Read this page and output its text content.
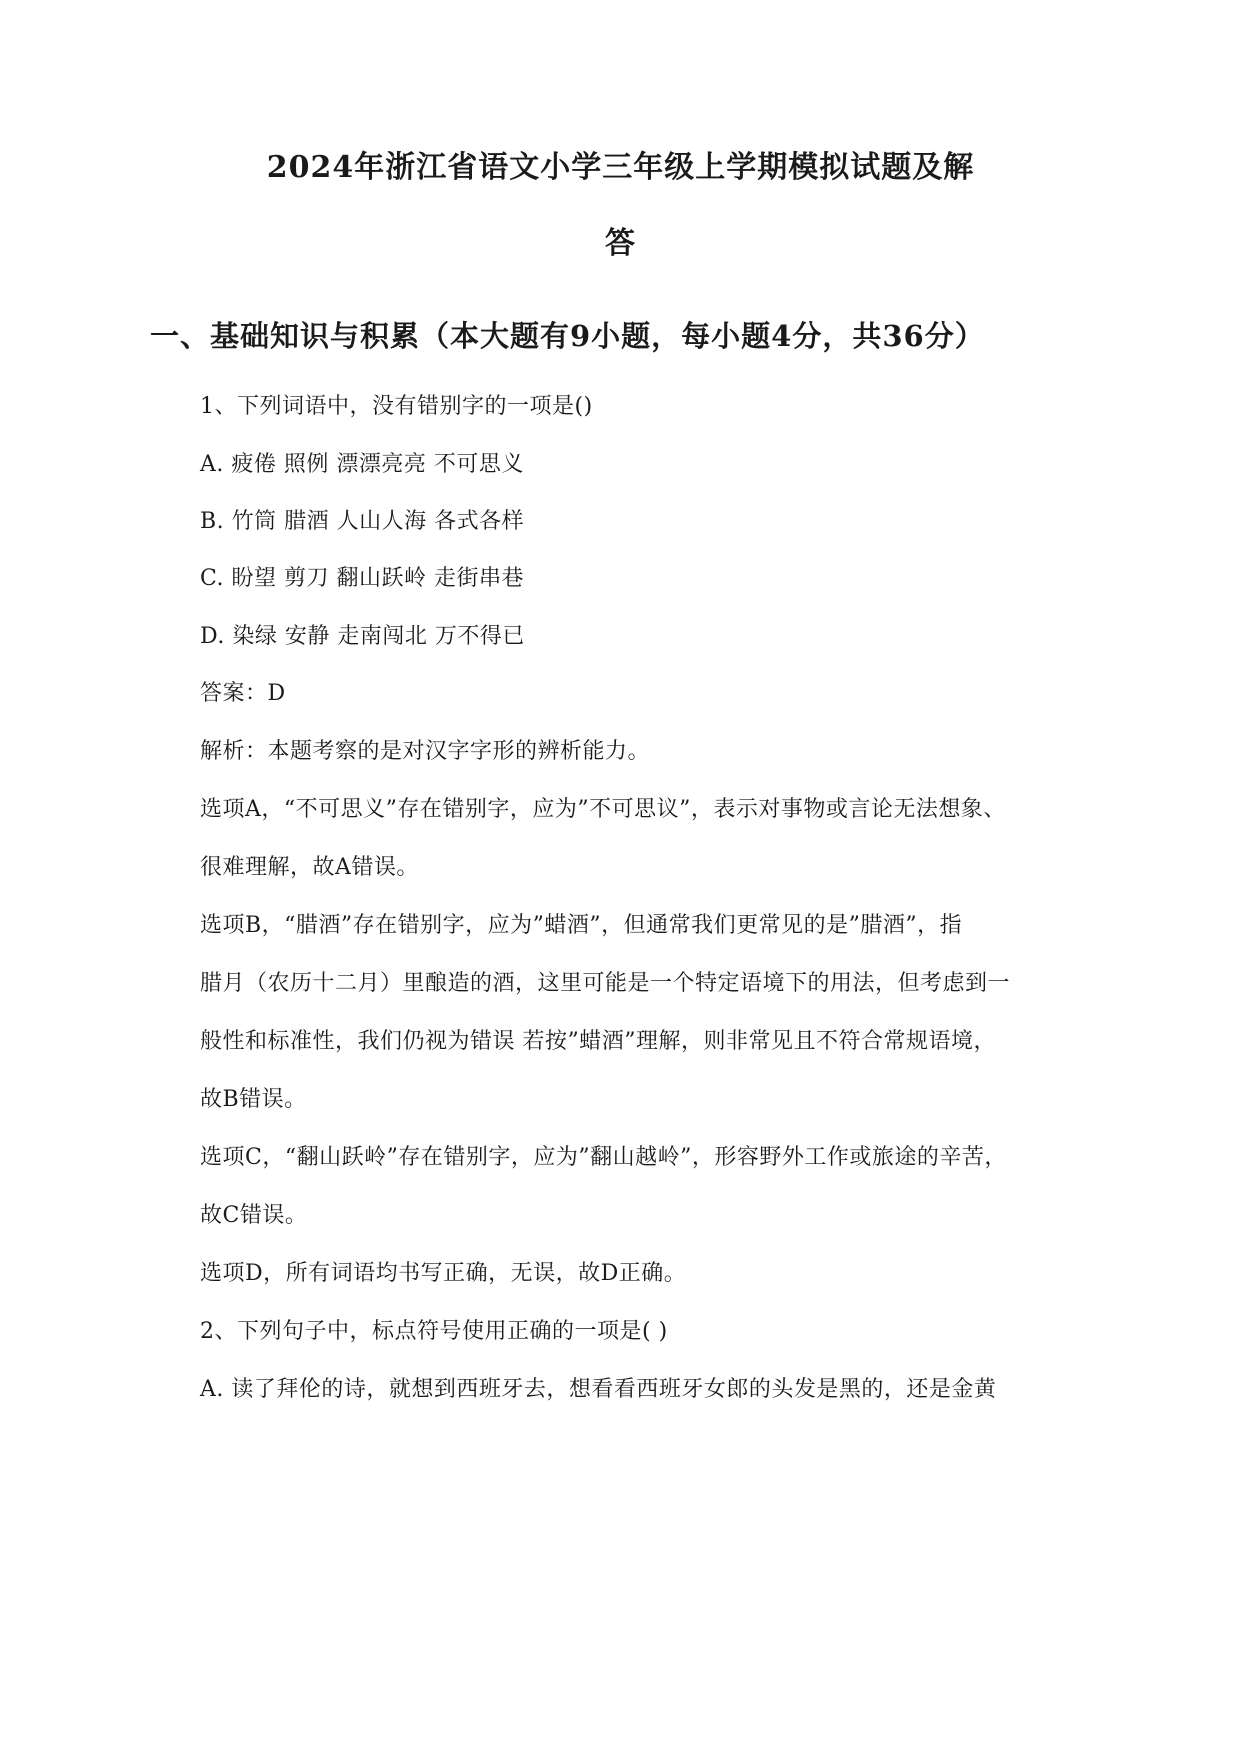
2024年浙江省语文小学三年级上学期模拟试题及解
答
一、基础知识与积累（本大题有9小题，每小题4分，共36分）
1、下列词语中，没有错别字的一项是()
A. 疲倦 照例 漂漂亮亮 不可思义
B. 竹筒 腊酒 人山人海 各式各样
C. 盼望 剪刀 翻山跃岭 走街串巷
D. 染绿 安静 走南闯北 万不得已
答案：D
解析：本题考察的是对汉字字形的辨析能力。
选项A，“不可思义”存在错别字，应为”不可思议”，表示对事物或言论无法想象、
很难理解，故A错误。
选项B，“腊酒”存在错别字，应为”蜡酒”，但通常我们更常见的是”腊酒”，指
腊月（农历十二月）里酿造的酒，这里可能是一个特定语境下的用法，但考虑到一
般性和标准性，我们仍视为错误 若按”蜡酒”理解，则非常见且不符合常规语境，
故B错误。
选项C，“翻山跃岭”存在错别字，应为”翻山越岭”，形容野外工作或旅途的辛苦，
故C错误。
选项D，所有词语均书写正确，无误，故D正确。
2、下列句子中，标点符号使用正确的一项是( )
A. 读了拜伦的诗，就想到西班牙去，想看看西班牙女郎的头发是黑的，还是金黄
